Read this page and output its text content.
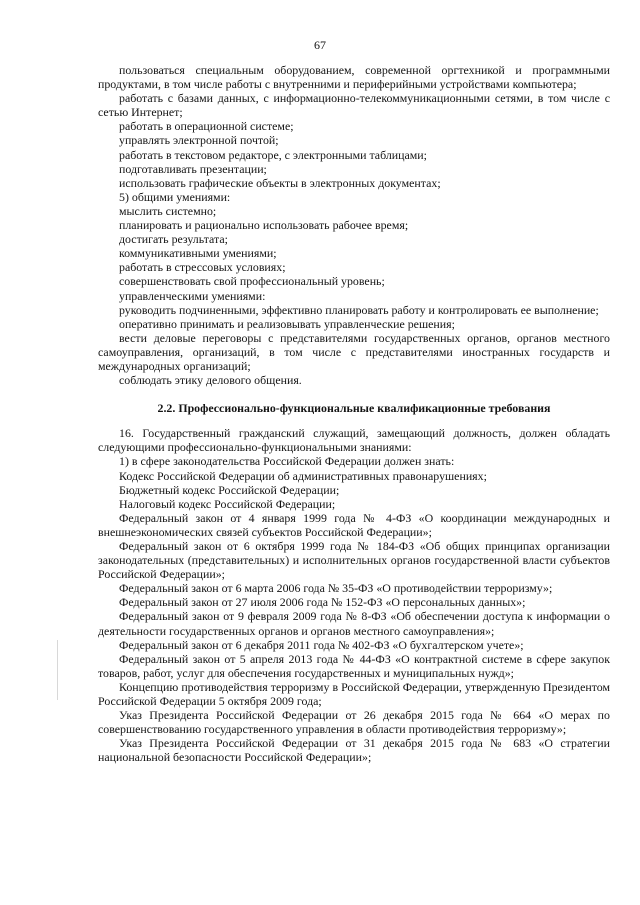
67

пользоваться специальным оборудованием, современной оргтехникой и программными продуктами, в том числе работы с внутренними и периферийными устройствами компьютера;

работать с базами данных, с информационно-телекоммуникационными сетями, в том числе с сетью Интернет;

работать в операционной системе;

управлять электронной почтой;

работать в текстовом редакторе, с электронными таблицами;

подготавливать презентации;

использовать графические объекты в электронных документах;

5) общими умениями:

мыслить системно;

планировать и рационально использовать рабочее время;

достигать результата;

коммуникативными умениями;

работать в стрессовых условиях;

совершенствовать свой профессиональный уровень;

управленческими умениями:

руководить подчиненными, эффективно планировать работу и контролировать ее выполнение;

оперативно принимать и реализовывать управленческие решения;

вести деловые переговоры с представителями государственных органов, органов местного самоуправления, организаций, в том числе с представителями иностранных государств и международных организаций;

соблюдать этику делового общения.

2.2. Профессионально-функциональные квалификационные требования

16. Государственный гражданский служащий, замещающий должность, должен обладать следующими профессионально-функциональными знаниями:

1) в сфере законодательства Российской Федерации должен знать:

Кодекс Российской Федерации об административных правонарушениях;

Бюджетный кодекс Российской Федерации;

Налоговый кодекс Российской Федерации;

Федеральный закон от 4 января 1999 года № 4-ФЗ «О координации международных и внешнеэкономических связей субъектов Российской Федерации»;

Федеральный закон от 6 октября 1999 года № 184-ФЗ «Об общих принципах организации законодательных (представительных) и исполнительных органов государственной власти субъектов Российской Федерации»;

Федеральный закон от 6 марта 2006 года № 35-ФЗ «О противодействии терроризму»;

Федеральный закон от 27 июля 2006 года № 152-ФЗ «О персональных данных»;

Федеральный закон от 9 февраля 2009 года № 8-ФЗ «Об обеспечении доступа к информации о деятельности государственных органов и органов местного самоуправления»;

Федеральный закон от 6 декабря 2011 года № 402-ФЗ «О бухгалтерском учете»;

Федеральный закон от 5 апреля 2013 года № 44-ФЗ «О контрактной системе в сфере закупок товаров, работ, услуг для обеспечения государственных и муниципальных нужд»;

Концепцию противодействия терроризму в Российской Федерации, утвержденную Президентом Российской Федерации 5 октября 2009 года;

Указ Президента Российской Федерации от 26 декабря 2015 года № 664 «О мерах по совершенствованию государственного управления в области противодействия терроризму»;

Указ Президента Российской Федерации от 31 декабря 2015 года № 683 «О стратегии национальной безопасности Российской Федерации»;
